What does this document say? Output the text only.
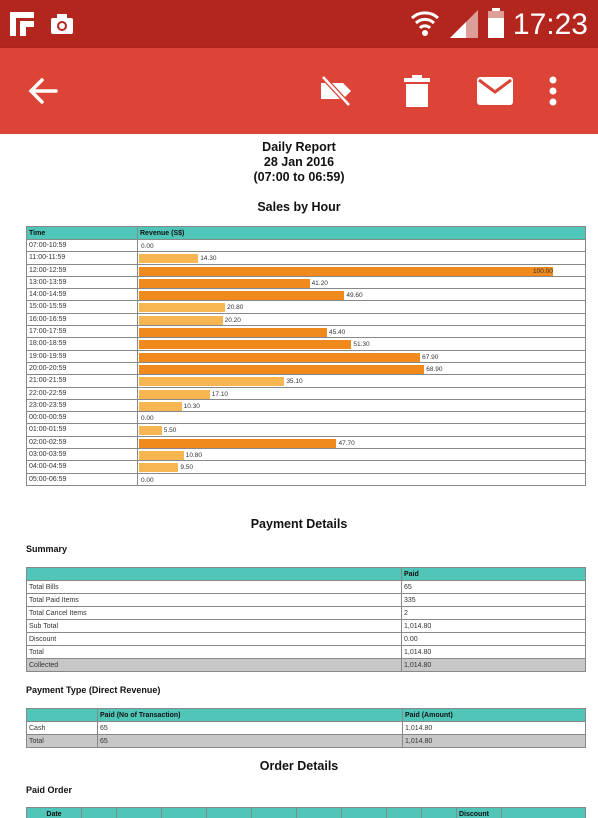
17:23
Daily Report
28 Jan 2016
(07:00 to 06:59)
Sales by Hour
Time	Revenue (S$)
07:00-10:59	0.00

11:00-11:59	14.30

12:00-12:59	100.00

13:00-13:59	41.20

14:00-14:59	49.60

15:00-15:59	20.80

16:00-16:59	20.20

17:00-17:59	45.40

18:00-18:59	51.30

19:00-19:59	67.90

20:00-20:59	68.90

21:00-21:59	35.10

22:00-22:59	17.10

23:00-23:59	10.30

00:00-00:59	0.00

01:00-01:59	5.50

02:00-02:59	47.70

03:00-03:59	10.80

04:00-04:59	9.50

05:00-06:59	0.00
Payment Details
Summary
	Paid
Total Bills	65
Total Paid Items	335
Total Cancel Items	2
Sub Total	1,014.80
Discount	0.00
Total	1,014.80
Collected	1,014.80
Payment Type (Direct Revenue)
	Paid (No of Transaction)	Paid (Amount)
Cash	65	1,014.80
Total	65	1,014.80
Order Details
Paid Order
Date										Discount	
